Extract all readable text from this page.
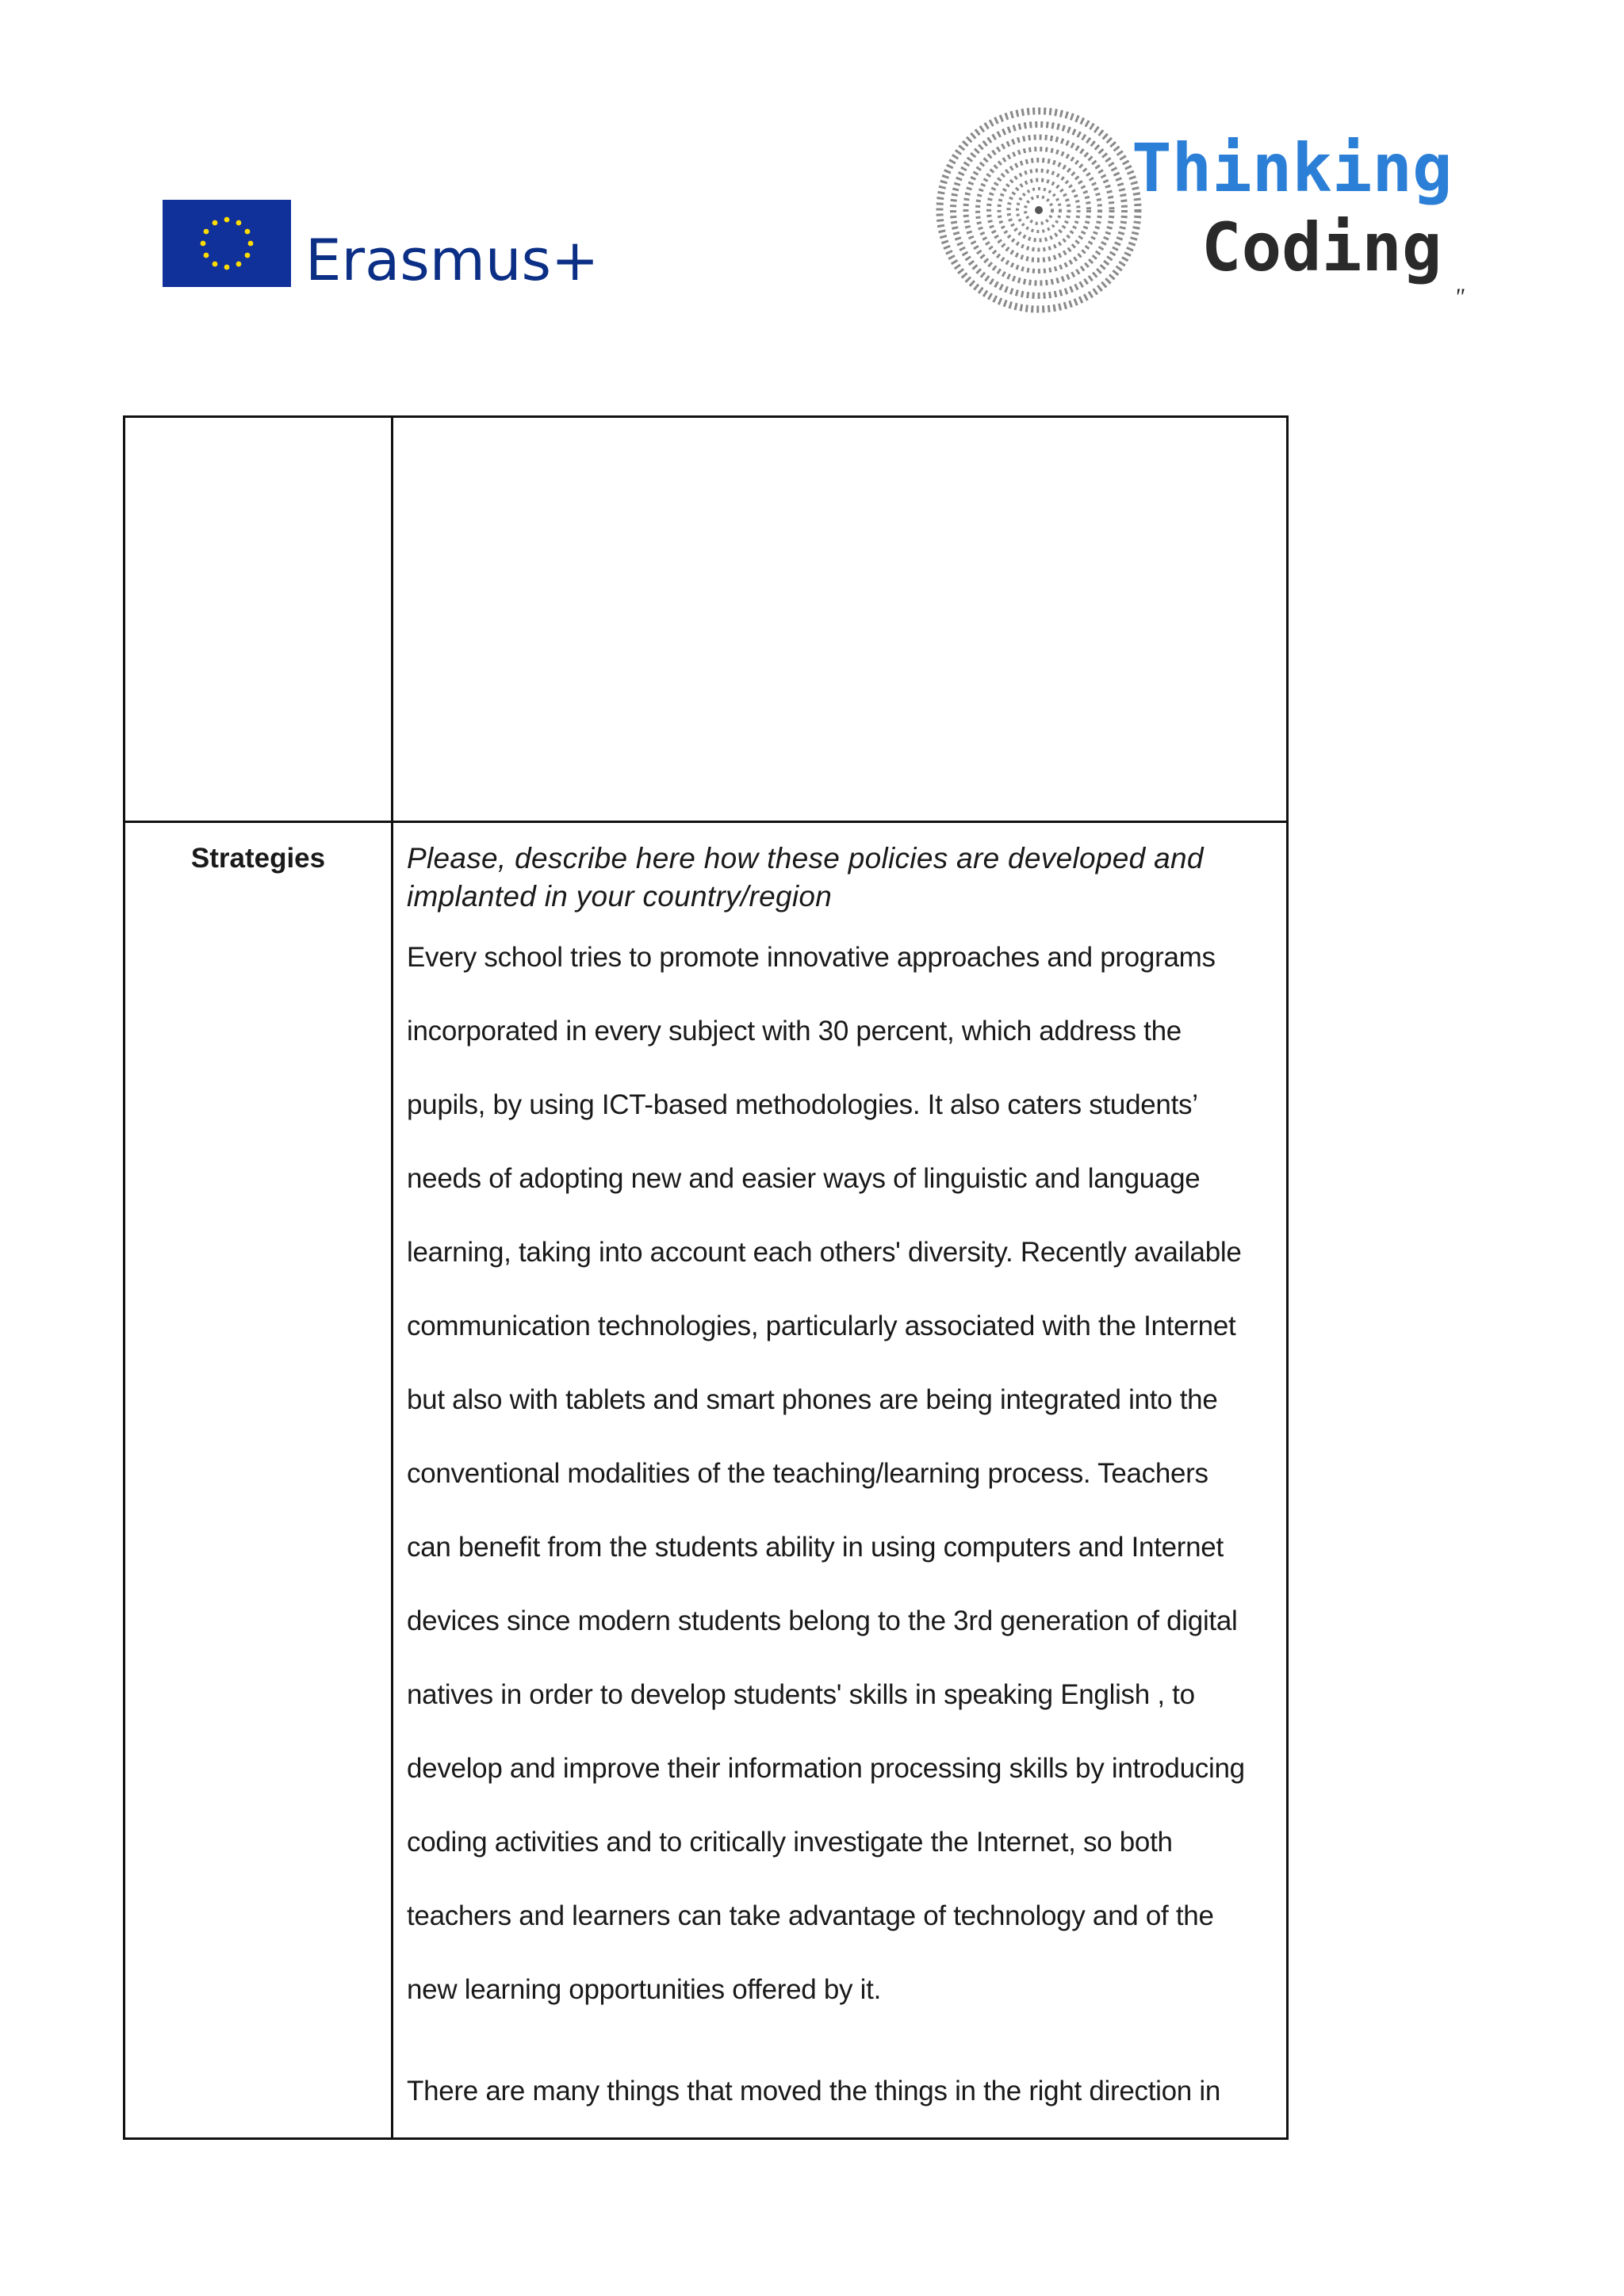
Erasmus+
Thinking
Coding
"
Strategies	Please, describe here how these policies are developed and
implanted in your country/region
Every school tries to promote innovative approaches and programs
incorporated in every subject with 30 percent, which address the
pupils, by using ICT-based methodologies. It also caters students’
needs of adopting new and easier ways of linguistic and language
learning, taking into account each others' diversity. Recently available
communication technologies, particularly associated with the Internet
but also with tablets and smart phones are being integrated into the
conventional modalities of the teaching/learning process. Teachers
can benefit from the students ability in using computers and Internet
devices since modern students belong to the 3rd generation of digital
natives in order to develop students' skills in speaking English , to
develop and improve their information processing skills by introducing
coding activities and to critically investigate the Internet, so both
teachers and learners can take advantage of technology and of the
new learning opportunities offered by it.
There are many things that moved the things in the right direction in
